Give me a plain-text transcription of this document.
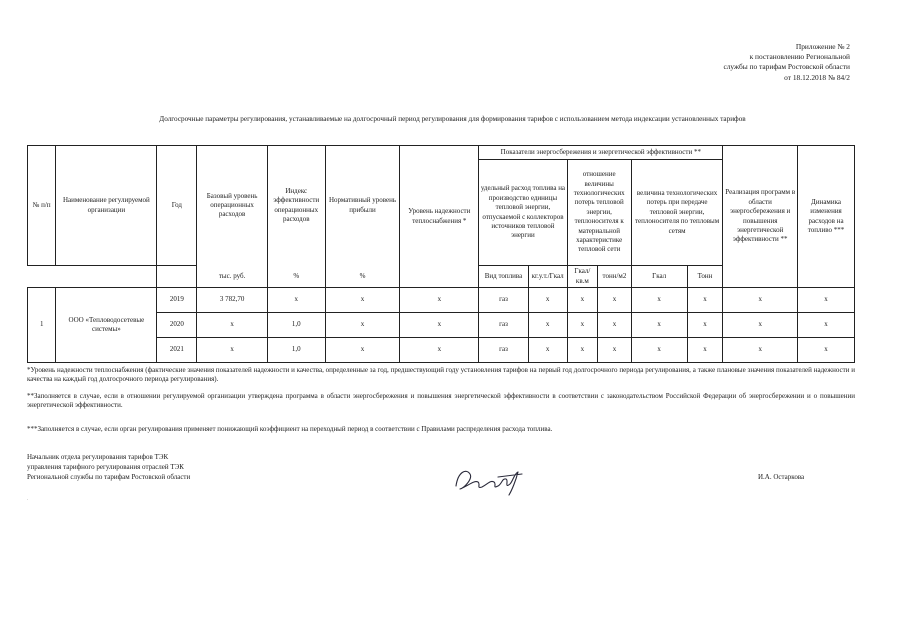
Приложение № 2
к постановлению Региональной
службы по тарифам Ростовской области
от 18.12.2018 № 84/2
Долгосрочные параметры регулирования, устанавливаемые на долгосрочный период регулирования для формирования тарифов с использованием метода индексации установленных тарифов
№ п/п	Наименование регулируемой организации	Год	Базовый уровень операционных расходов	Индекс эффективности операционных расходов	Нормативный уровень прибыли	Уровень надежности теплоснабжения *	Показатели энергосбережения и энергетической эффективности **						Реализация программ в области энергосбережения и повышения энергетической эффективности **	Динамика изменения расходов на топливо ***
							удельный расход топлива на производство единицы тепловой энергии, отпускаемой с коллекторов источников тепловой энергии		отношение величины технологических потерь тепловой энергии, теплоносителя к материальной характеристике тепловой сети		величина технологических потерь при передаче тепловой энергии, теплоносителя по тепловым сетям			
			тыс. руб.	%	%		Вид топлива	кг.у.т./Гкал	Гкал/ кв.м	тонн/м2	Гкал	Тонн		
1	ООО «Тепловодосетевые системы»	2019	3 782,70	х	х	х	газ	х	х	х	х	х	х	х
		2020	х	1,0	х	х	газ	х	х	х	х	х	х	х
		2021	х	1,0	х	х	газ	х	х	х	х	х	х	х
*Уровень надежности теплоснабжения (фактические значения показателей надежности и качества, определенные за год, предшествующий году установления тарифов на первый год долгосрочного периода регулирования, а также плановые значения показателей надежности и качества на каждый год долгосрочного периода регулирования).
**Заполняется в случае, если в отношении регулируемой организации утверждена программа в области энергосбережения и повышения энергетической эффективности в соответствии с законодательством Российской Федерации об энергосбережении и о повышении энергетической эффективности.
***Заполняется в случае, если орган регулирования применяет понижающий коэффициент на переходный период в соответствии с Правилами распределения расхода топлива.
Начальник отдела регулирования тарифов ТЭК
управления тарифного регулирования отраслей ТЭК
Региональной службы по тарифам Ростовской области	И.А. Остаркова
.
